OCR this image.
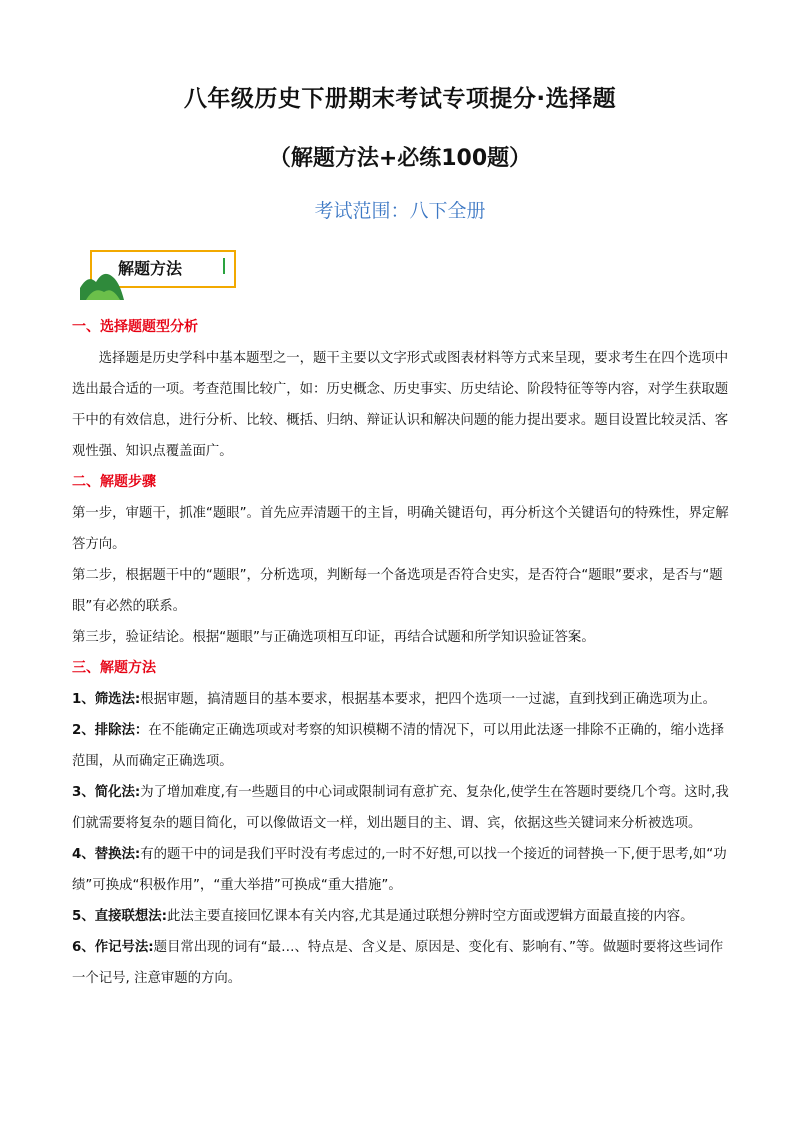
八年级历史下册期末考试专项提分·选择题
（解题方法+必练100题）
考试范围：八下全册
解题方法

一、选择题题型分析

选择题是历史学科中基本题型之一，题干主要以文字形式或图表材料等方式来呈现，要求考生在四个选项中选出最合适的一项。考查范围比较广，如：历史概念、历史事实、历史结论、阶段特征等等内容，对学生获取题干中的有效信息，进行分析、比较、概括、归纳、辩证认识和解决问题的能力提出要求。题目设置比较灵活、客观性强、知识点覆盖面广。

二、解题步骤

第一步，审题干，抓准“题眼”。首先应弄清题干的主旨，明确关键语句，再分析这个关键语句的特殊性，界定解答方向。

第二步，根据题干中的“题眼”，分析选项，判断每一个备选项是否符合史实，是否符合“题眼”要求，是否与“题眼”有必然的联系。

第三步，验证结论。根据“题眼”与正确选项相互印证，再结合试题和所学知识验证答案。

三、解题方法

1、筛选法:根据审题，搞清题目的基本要求，根据基本要求，把四个选项一一过滤，直到找到正确选项为止。

2、排除法：在不能确定正确选项或对考察的知识模糊不清的情况下，可以用此法逐一排除不正确的，缩小选择范围，从而确定正确选项。

3、简化法:为了增加难度,有一些题目的中心词或限制词有意扩充、复杂化,使学生在答题时要绕几个弯。这时,我们就需要将复杂的题目简化，可以像做语文一样，划出题目的主、谓、宾，依据这些关键词来分析被选项。

4、替换法:有的题干中的词是我们平时没有考虑过的,一时不好想,可以找一个接近的词替换一下,便于思考,如“功绩”可换成“积极作用”，“重大举措”可换成“重大措施”。

5、直接联想法:此法主要直接回忆课本有关内容,尤其是通过联想分辨时空方面或逻辑方面最直接的内容。

6、作记号法:题目常出现的词有“最…、特点是、含义是、原因是、变化有、影响有、”等。做题时要将这些词作一个记号, 注意审题的方向。
